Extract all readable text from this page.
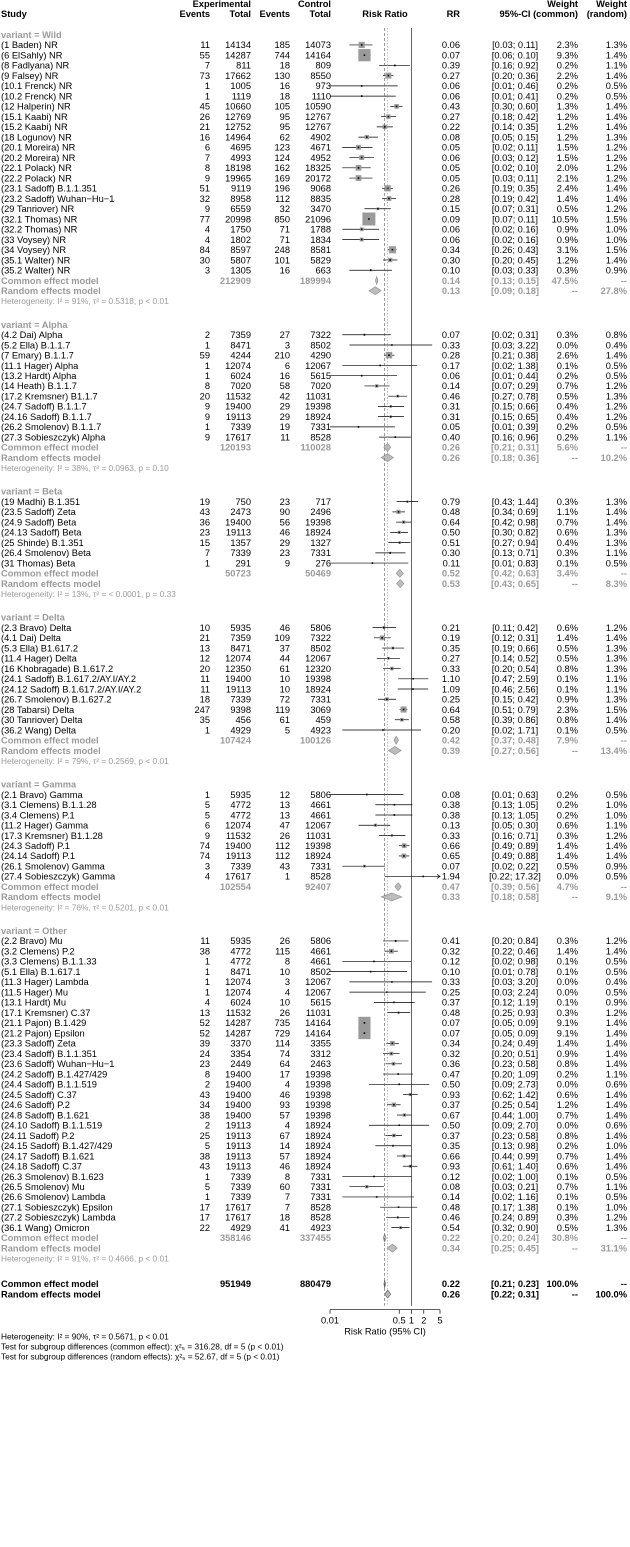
Study
Experimental	Control
Events Total Events Total	Risk Ratio	RR	95%-CI
Weight
(common)
Weight
(random)
variant = Wild
(1 Baden) NR	11 14134	185 14073	0.06	[0.03; 0.11] 2.3%	1.3%
(6 ElSahly) NR	55 14287	744 14164	0.07	[0.06; 0.10] 9.3%	1.4%
(8 Fadlyana) NR	7	811	18	809	0.39	[0.16; 0.92] 0.2%	1.1%
(9 Falsey) NR	73 17662	130 8550	0.27	[0.20; 0.36] 2.2%	1.4%
(10.1 Frenck) NR	1 1005	16	973	0.06	[0.01; 0.46] 0.2%	0.5%
(10.2 Frenck) NR	1 1119	18 1110	0.06	[0.01; 0.41] 0.2%	0.5%
(12 Halperin) NR	45 10660	105 10590	0.43	[0.30; 0.60] 1.3%	1.4%
(15.1 Kaabi) NR	26 12769	95 12767	0.27	[0.18; 0.42] 1.2%	1.4%
(15.2 Kaabi) NR	21 12752	95 12767	0.22	[0.14; 0.35] 1.2%	1.4%
(18 Logunov) NR	16 14964	62 4902	0.08	[0.05; 0.15] 1.2%	1.3%
(20.1 Moreira) NR	6 4695	123 4671	0.05	[0.02; 0.11] 1.5%	1.2%
(20.2 Moreira) NR	7 4993	124 4952	0.06	[0.03; 0.12] 1.5%	1.2%
(22.1 Polack) NR	8 18198	162 18325	0.05	[0.02; 0.10] 2.0%	1.2%
(22.2 Polack) NR	9 19965	169 20172	0.05	[0.03; 0.11] 2.1%	1.2%
(23.1 Sadoff) B.1.1.351	51 9119	196 9068	0.26	[0.19; 0.35] 2.4%	1.4%
(23.2 Sadoff) Wuhan−Hu−1	32 8958	112 8835	0.28	[0.19; 0.42] 1.4%	1.4%
(29 Tanriover) NR	9 6559	32 3470	0.15	[0.07; 0.31] 0.5%	1.2%
(32.1 Thomas) NR	77 20998	850 21096	0.09	[0.07; 0.11] 10.5%	1.5%
(32.2 Thomas) NR	4 1750	71 1788	0.06	[0.02; 0.16] 0.9%	1.0%
(33 Voysey) NR	4 1802	71 1834	0.06	[0.02; 0.16] 0.9%	1.0%
(34 Voysey) NR	84 8597	248 8581	0.34	[0.26; 0.43] 3.1%	1.5%
(35.1 Walter) NR	30 5807	101 5829	0.30	[0.20; 0.45] 1.2%	1.4%
(35.2 Walter) NR	3 1305	16	663	0.10	[0.03; 0.33] 0.3%	0.9%
Common effect model	212909	189994	0.14	[0.13; 0.15] 47.5%	--
Random effects model	0.13	[0.09; 0.18]	-- 27.8%
Heterogeneity: I² = 91%, τ² = 0.5318, p < 0.01
variant = Alpha
(4.2 Dai) Alpha	2 7359	27 7322	0.07	[0.02; 0.31] 0.3%	0.8%
(5.2 Ella) B.1.1.7	1 8471	3 8502	0.33	[0.03; 3.22] 0.0%	0.4%
(7 Emary) B.1.1.7	59 4244	210 4290	0.28	[0.21; 0.38] 2.6%	1.4%
(11.1 Hager) Alpha	1 12074	6 12067	0.17	[0.02; 1.38] 0.1%	0.5%
(13.2 Hardt) Alpha	1 6024	16 5615	0.06	[0.01; 0.44] 0.2%	0.5%
(14 Heath) B.1.1.7	8 7020	58 7020	0.14	[0.07; 0.29] 0.7%	1.2%
(17.2 Kremsner) B1.1.7	20 11532	42 11031	0.46	[0.27; 0.78] 0.5%	1.3%
(24.7 Sadoff) B.1.1.7	9 19400	29 19398	0.31	[0.15; 0.66] 0.4%	1.2%
(24.16 Sadoff) B.1.1.7	9 19113	29 18924	0.31	[0.15; 0.65] 0.4%	1.2%
(26.2 Smolenov) B.1.1.7	1 7339	19 7331	0.05	[0.01; 0.39] 0.2%	0.5%
(27.3 Sobieszczyk) Alpha	9 17617	11 8528	0.40	[0.16; 0.96] 0.2%	1.1%
Common effect model	120193	110028	0.26	[0.21; 0.31] 5.6%	--
Random effects model	0.26	[0.18; 0.36]	-- 10.2%
Heterogeneity: I² = 38%, τ² = 0.0963, p = 0.10
variant = Beta
(19 Madhi) B.1.351	19	750	23	717	0.79	[0.43; 1.44] 0.3%	1.3%
(23.5 Sadoff) Zeta	43 2473	90 2496	0.48	[0.34; 0.69] 1.1%	1.4%
(24.9 Sadoff) Beta	36 19400	56 19398	0.64	[0.42; 0.98] 0.7%	1.4%
(24.13 Sadoff) Beta	23 19113	46 18924	0.50	[0.30; 0.82] 0.6%	1.3%
(25 Shinde) B.1.351	15 1357	29 1327	0.51	[0.27; 0.94] 0.4%	1.3%
(26.4 Smolenov) Beta	7 7339	23 7331	0.30	[0.13; 0.71] 0.3%	1.1%
(31 Thomas) Beta	1	291	9	276	0.11	[0.01; 0.83] 0.1%	0.5%
Common effect model	50723	50469	0.52	[0.42; 0.63] 3.4%	--
Random effects model	0.53	[0.43; 0.65]	--	8.3%
Heterogeneity: I² = 13%, τ² = < 0.0001, p = 0.33
variant = Delta
(2.3 Bravo) Delta	10 5935	46 5806	0.21	[0.11; 0.42] 0.6%	1.2%
(4.1 Dai) Delta	21 7359	109 7322	0.19	[0.12; 0.31] 1.4%	1.4%
(5.3 Ella) B1.617.2	13 8471	37 8502	0.35	[0.19; 0.66] 0.5%	1.3%
(11.4 Hager) Delta	12 12074	44 12067	0.27	[0.14; 0.52] 0.5%	1.3%
(16 Khobragade) B.1.617.2	20 12350	61 12320	0.33	[0.20; 0.54] 0.8%	1.3%
(24.1 Sadoff) B.1.617.2/AY.I/AY.2	11 19400	10 19398	1.10	[0.47; 2.59] 0.1%	1.1%
(24.12 Sadoff) B.1.617.2/AY.I/AY.2	11 19113	10 18924	1.09	[0.46; 2.56] 0.1%	1.1%
(26.7 Smolenov) B.1.627.2	18 7339	72 7331	0.25	[0.15; 0.42] 0.9%	1.3%
(28 Tabarsi) Delta	247 9398	119 3069	0.64	[0.51; 0.79] 2.3%	1.5%
(30 Tanriover) Delta	35	456	61	459	0.58	[0.39; 0.86] 0.8%	1.4%
(36.2 Wang) Delta	1 4929	5 4923	0.20	[0.02; 1.71] 0.1%	0.5%
Common effect model	107424	100126	0.42	[0.37; 0.48] 7.9%	--
Random effects model	0.39	[0.27; 0.56]	-- 13.4%
Heterogeneity: I² = 79%, τ² = 0.2569, p < 0.01
variant = Gamma
(2.1 Bravo) Gamma	1 5935	12 5806	0.08	[0.01; 0.63] 0.2%	0.5%
(3.1 Clemens) B.1.1.28	5 4772	13 4661	0.38	[0.13; 1.05] 0.2%	1.0%
(3.4 Clemens) P.1	5 4772	13 4661	0.38	[0.13; 1.05] 0.2%	1.0%
(11.2 Hager) Gamma	6 12074	47 12067	0.13	[0.05; 0.30] 0.6%	1.1%
(17.3 Kremsner) B1.1.28	9 11532	26 11031	0.33	[0.16; 0.71] 0.3%	1.2%
(24.3 Sadoff) P.1	74 19400	112 19398	0.66	[0.49; 0.89] 1.4%	1.4%
(24.14 Sadoff) P.1	74 19113	112 18924	0.65	[0.49; 0.88] 1.4%	1.4%
(26.1 Smolenov) Gamma	3 7339	43 7331	0.07	[0.02; 0.22] 0.5%	0.9%
(27.4 Sobieszczyk) Gamma	4 17617	1 8528	1.94	[0.22; 17.32] 0.0%	0.5%
Common effect model	102554	92407	0.47	[0.39; 0.56] 4.7%	--
Random effects model	0.33	[0.18; 0.58]	--	9.1%
Heterogeneity: I² = 76%, τ² = 0.5201, p < 0.01
variant = Other
(2.2 Bravo) Mu	11 5935	26 5806	0.41	[0.20; 0.84] 0.3%	1.2%
(3.2 Clemens) P.2	38 4772	115 4661	0.32	[0.22; 0.46] 1.4%	1.4%
(3.3 Clemens) B.1.1.33	1 4772	8 4661	0.12	[0.02; 0.98] 0.1%	0.5%
(5.1 Ella) B.1.617.1	1 8471	10 8502	0.10	[0.01; 0.78] 0.1%	0.5%
(11.3 Hager) Lambda	1 12074	3 12067	0.33	[0.03; 3.20] 0.0%	0.4%
(11.5 Hager) Mu	1 12074	4 12067	0.25	[0.03; 2.24] 0.0%	0.5%
(13.1 Hardt) Mu	4 6024	10 5615	0.37	[0.12; 1.19] 0.1%	0.9%
(17.1 Kremsner) C.37	13 11532	26 11031	0.48	[0.25; 0.93] 0.3%	1.2%
(21.1 Pajon) B.1.429	52 14287	735 14164	0.07	[0.05; 0.09] 9.1%	1.4%
(21.2 Pajon) Epsilon	52 14287	729 14164	0.07	[0.05; 0.09] 9.1%	1.4%
(23.3 Sadoff) Zeta	39 3370	114 3355	0.34	[0.24; 0.49] 1.4%	1.4%
(23.4 Sadoff) B.1.1.351	24 3354	74 3312	0.32	[0.20; 0.51] 0.9%	1.4%
(23.6 Sadoff) Wuhan−Hu−1	23 2449	64 2463	0.36	[0.23; 0.58] 0.8%	1.4%
(24.2 Sadoff) B.1.427/429	8 19400	17 19398	0.47	[0.20; 1.09] 0.2%	1.1%
(24.4 Sadoff) B.1.1.519	2 19400	4 19398	0.50	[0.09; 2.73] 0.0%	0.6%
(24.5 Sadoff) C.37	43 19400	46 19398	0.93	[0.62; 1.42] 0.6%	1.4%
(24.6 Sadoff) P.2	34 19400	93 19398	0.37	[0.25; 0.54] 1.2%	1.4%
(24.8 Sadoff) B.1.621	38 19400	57 19398	0.67	[0.44; 1.00] 0.7%	1.4%
(24.10 Sadoff) B.1.1.519	2 19113	4 18924	0.50	[0.09; 2.70] 0.0%	0.6%
(24.11 Sadoff) P.2	25 19113	67 18924	0.37	[0.23; 0.58] 0.8%	1.4%
(24.15 Sadoff) B.1.427/429	5 19113	14 18924	0.35	[0.13; 0.98] 0.2%	1.0%
(24.17 Sadoff) B.1.621	38 19113	57 18924	0.66	[0.44; 0.99] 0.7%	1.4%
(24.18 Sadoff) C.37	43 19113	46 18924	0.93	[0.61; 1.40] 0.6%	1.4%
(26.3 Smolenov) B.1.623	1 7339	8 7331	0.12	[0.02; 1.00] 0.1%	0.5%
(26.5 Smolenov) Mu	5 7339	60 7331	0.08	[0.03; 0.21] 0.7%	1.1%
(26.6 Smolenov) Lambda	1 7339	7 7331	0.14	[0.02; 1.16] 0.1%	0.5%
(27.1 Sobieszczyk) Epsilon	17 17617	7 8528	0.48	[0.17; 1.38] 0.1%	1.0%
(27.2 Sobieszczyk) Lambda	17 17617	18 8528	0.46	[0.24; 0.89] 0.3%	1.2%
(36.1 Wang) Omicron	22 4929	41 4923	0.54	[0.32; 0.90] 0.5%	1.3%
Common effect model	358146	337455	0.22	[0.20; 0.24] 30.8%	--
Random effects model	0.34	[0.25; 0.45]	-- 31.1%
Heterogeneity: I² = 91%, τ² = 0.4666, p < 0.01
Common effect model	951949	880479	0.22	[0.21; 0.23] 100.0%	--
Random effects model	0.26	[0.22; 0.31]	-- 100.0%
0.01	0.5 1 2 5
Risk Ratio (95% CI)
Heterogeneity: I² = 90%, τ² = 0.5671, p < 0.01
Test for subgroup differences (common effect): χ²₅ = 316.28, df = 5 (p < 0.01)
Test for subgroup differences (random effects): χ²₅ = 52.67, df = 5 (p < 0.01)
